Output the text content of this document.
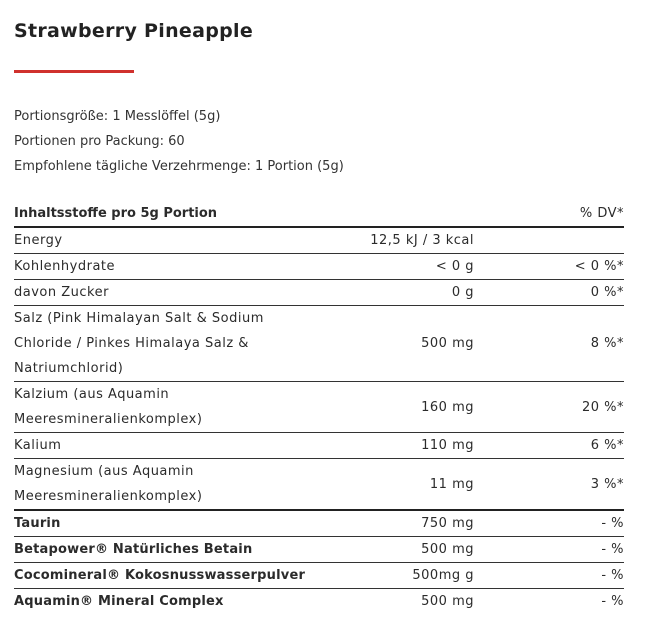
Strawberry Pineapple
Portionsgröße: 1 Messlöffel (5g)
Portionen pro Packung: 60
Empfohlene tägliche Verzehrmenge: 1 Portion (5g)
Inhaltsstoffe pro 5g Portion		% DV*
Energy	12,5 kJ / 3 kcal	
Kohlenhydrate	< 0 g	< 0 %*
davon Zucker	0 g	0 %*
Salz (Pink Himalayan Salt & Sodium Chloride / Pinkes Himalaya Salz & Natriumchlorid)	500 mg	8 %*
Kalzium (aus Aquamin Meeresmineralienkomplex)	160 mg	20 %*
Kalium	110 mg	6 %*
Magnesium (aus Aquamin Meeresmineralienkomplex)	11 mg	3 %*
Taurin	750 mg	- %
Betapower® Natürliches Betain	500 mg	- %
Cocomineral® Kokosnusswasserpulver	500mg g	- %
Aquamin® Mineral Complex	500 mg	- %
